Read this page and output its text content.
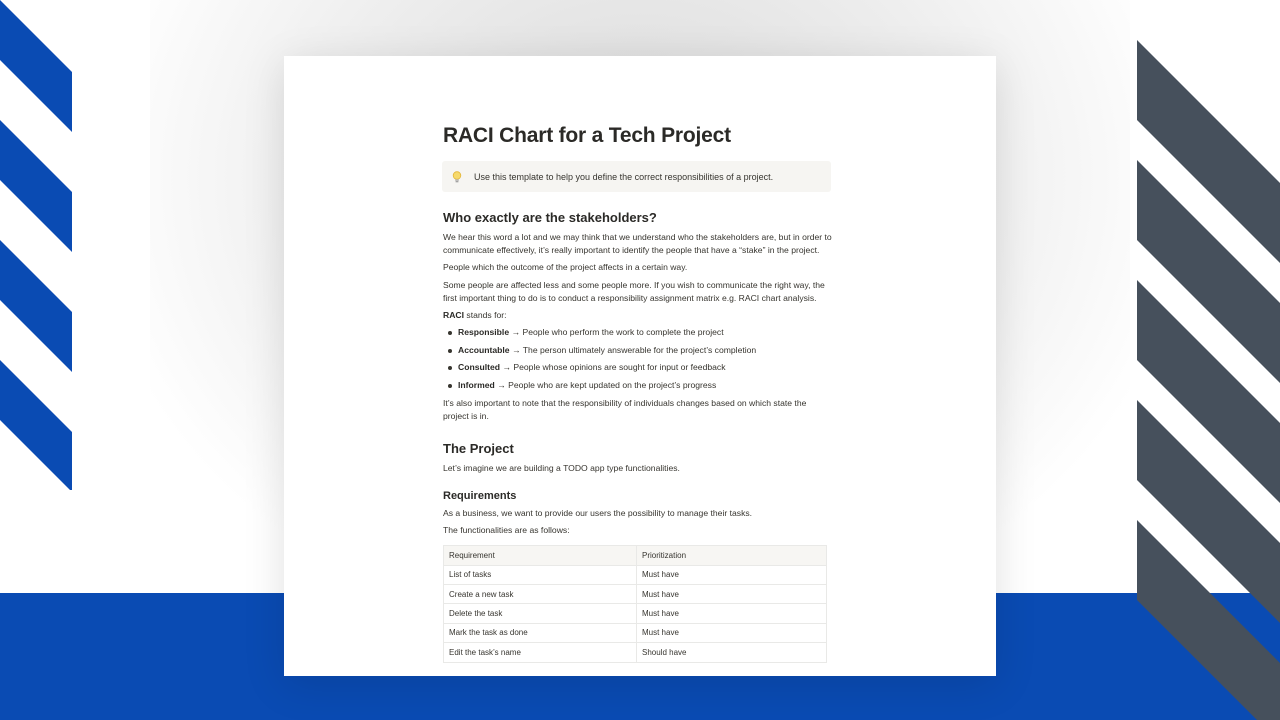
RACI Chart for a Tech Project
Use this template to help you define the correct responsibilities of a project.
Who exactly are the stakeholders?

We hear this word a lot and we may think that we understand who the stakeholders are, but in order to communicate effectively, it’s really important to identify the people that have a “stake” in the project.

People which the outcome of the project affects in a certain way.

Some people are affected less and some people more. If you wish to communicate the right way, the first important thing to do is to conduct a responsibility assignment matrix e.g. RACI chart analysis.

RACI stands for:

Responsible → People who perform the work to complete the project
Accountable → The person ultimately answerable for the project’s completion
Consulted → People whose opinions are sought for input or feedback
Informed → People who are kept updated on the project’s progress

It’s also important to note that the responsibility of individuals changes based on which state the project is in.

The Project

Let’s imagine we are building a TODO app type functionalities.

Requirements

As a business, we want to provide our users the possibility to manage their tasks.

The functionalities are as follows:

Requirement	Prioritization
List of tasks	Must have
Create a new task	Must have
Delete the task	Must have
Mark the task as done	Must have
Edit the task’s name	Should have
